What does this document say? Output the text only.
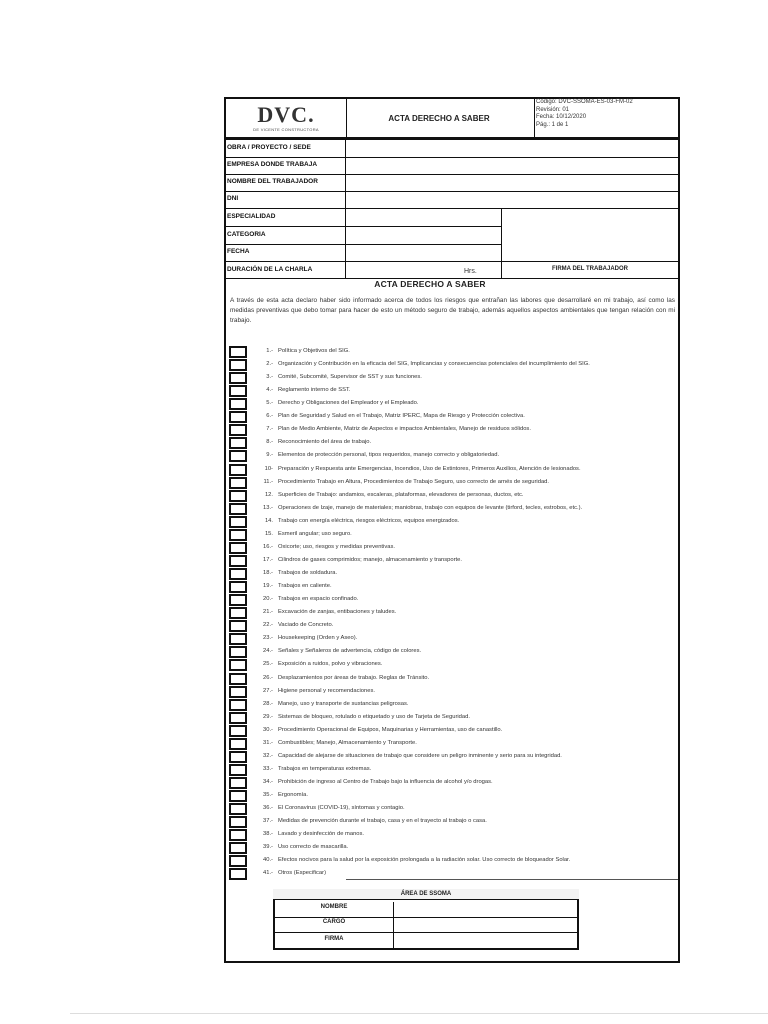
DVC.
DE VICENTE CONSTRUCTORA
ACTA DERECHO A SABER
Código: DVC-SSOMA-ES-03-FM-02
Revisión: 01
Fecha: 10/12/2020
Pág.: 1 de 1
OBRA / PROYECTO / SEDE
EMPRESA DONDE TRABAJA
NOMBRE DEL TRABAJADOR
DNI
ESPECIALIDAD
CATEGORIA
FECHA
DURACIÓN DE LA CHARLA	Hrs.	FIRMA DEL TRABAJADOR
ACTA DERECHO A SABER
A través de esta acta declaro haber sido informado acerca de todos los riesgos que entrañan las labores que desarrollaré en mi trabajo, así como las medidas preventivas que debo tomar para hacer de esto un método seguro de trabajo, además aquellos aspectos ambientales que tengan relación con mi trabajo.
1.- Política y Objetivos del SIG.
2.- Organización y Contribución en la eficacia del SIG, Implicancias y consecuencias potenciales del incumplimiento del SIG.
3.- Comité, Subcomité, Supervisor de SST y sus funciones.
4.- Reglamento interno de SST.
5.- Derecho y Obligaciones del Empleador y el Empleado.
6.- Plan de Seguridad y Salud en el Trabajo, Matriz IPERC, Mapa de Riesgo y Protección colectiva.
7.- Plan de Medio Ambiente, Matriz de Aspectos e impactos Ambientales, Manejo de residuos sólidos.
8.- Reconocimiento del área de trabajo.
9.- Elementos de protección personal, tipos requeridos, manejo correcto y obligatoriedad.
10- Preparación y Respuesta ante Emergencias, Incendios, Uso de Extintores, Primeros Auxilios, Atención de lesionados.
11.- Procedimiento Trabajo en Altura, Procedimientos de Trabajo Seguro, uso correcto de arnés de seguridad.
12. Superficies de Trabajo: andamios, escaleras, plataformas, elevadores de personas, ductos, etc.
13.- Operaciones de Izaje, manejo de materiales; maniobras, trabajo con equipos de levante (tirford, tecles, estrobos, etc.).
14. Trabajo con energía eléctrica, riesgos eléctricos, equipos energizados.
15. Esmeril angular; uso seguro.
16.- Oxicorte; uso, riesgos y medidas preventivas.
17.- Cilindros de gases comprimidos; manejo, almacenamiento y transporte.
18.- Trabajos de soldadura.
19.- Trabajos en caliente.
20.- Trabajos en espacio confinado.
21.- Excavación de zanjas, entibaciones y taludes.
22.- Vaciado de Concreto.
23.- Housekeeping (Orden y Aseo).
24.- Señales y Señaleros de advertencia, código de colores.
25.- Exposición a ruidos, polvo y vibraciones.
26.- Desplazamientos por áreas de trabajo. Reglas de Tránsito.
27.- Higiene personal y recomendaciones.
28.- Manejo, uso y transporte de sustancias peligrosas.
29.- Sistemas de bloqueo, rotulado o etiquetado y uso de Tarjeta de Seguridad.
30.- Procedimiento Operacional de Equipos, Maquinarias y Herramientas, uso de canastillo.
31.- Combustibles; Manejo, Almacenamiento y Transporte.
32.- Capacidad de alejarse de situaciones de trabajo que considere un peligro inminente y serio para su integridad.
33.- Trabajos en temperaturas extremas.
34.- Prohibición de ingreso al Centro de Trabajo bajo la influencia de alcohol y/o drogas.
35.- Ergonomía.
36.- El Coronavirus (COVID-19), síntomas y contagio.
37.- Medidas de prevención durante el trabajo, casa y en el trayecto al trabajo o casa.
38.- Lavado y desinfección de manos.
39.- Uso correcto de mascarilla.
40.- Efectos nocivos para la salud por la exposición prolongada a la radiación solar. Uso correcto de bloqueador Solar.
41.- Otros (Especificar)
ÁREA DE SSOMA
NOMBRE
CARGO
FIRMA
